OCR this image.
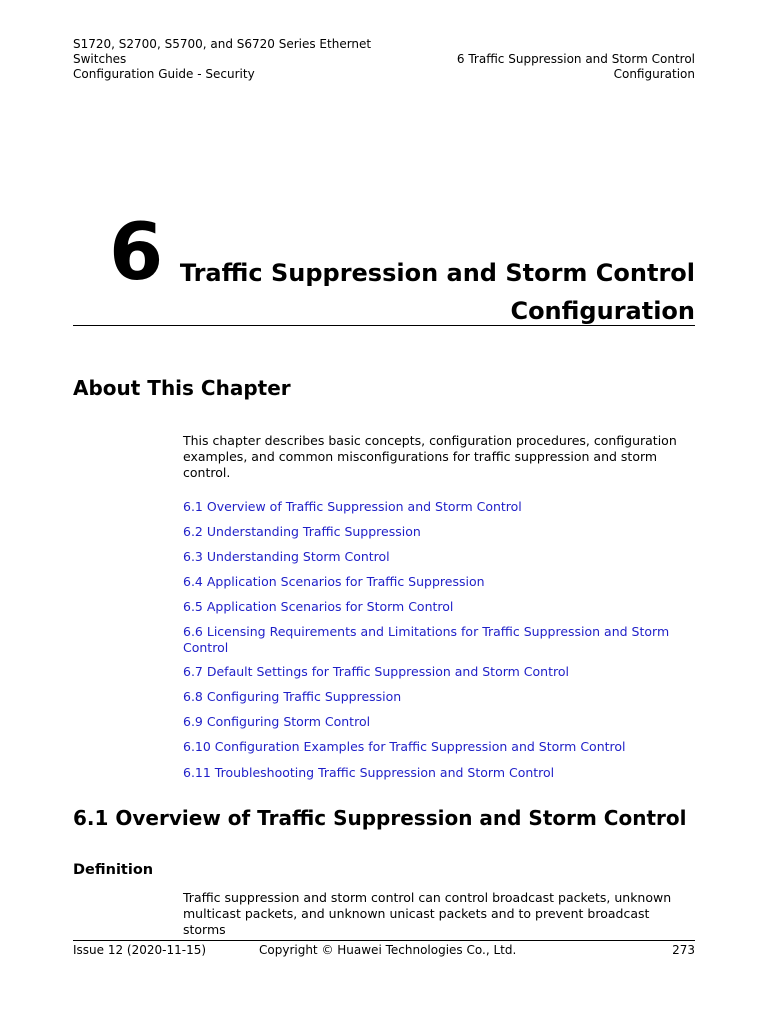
S1720, S2700, S5700, and S6720 Series Ethernet
Switches
Configuration Guide - Security
6 Traffic Suppression and Storm Control
Configuration
6 Traffic Suppression and Storm Control
Configuration
About This Chapter
This chapter describes basic concepts, configuration procedures, configuration examples, and common misconfigurations for traffic suppression and storm control.
6.1 Overview of Traffic Suppression and Storm Control
6.2 Understanding Traffic Suppression
6.3 Understanding Storm Control
6.4 Application Scenarios for Traffic Suppression
6.5 Application Scenarios for Storm Control
6.6 Licensing Requirements and Limitations for Traffic Suppression and Storm Control
6.7 Default Settings for Traffic Suppression and Storm Control
6.8 Configuring Traffic Suppression
6.9 Configuring Storm Control
6.10 Configuration Examples for Traffic Suppression and Storm Control
6.11 Troubleshooting Traffic Suppression and Storm Control
6.1 Overview of Traffic Suppression and Storm Control
Definition
Traffic suppression and storm control can control broadcast packets, unknown multicast packets, and unknown unicast packets and to prevent broadcast storms
Issue 12 (2020-11-15)	Copyright © Huawei Technologies Co., Ltd.	273
